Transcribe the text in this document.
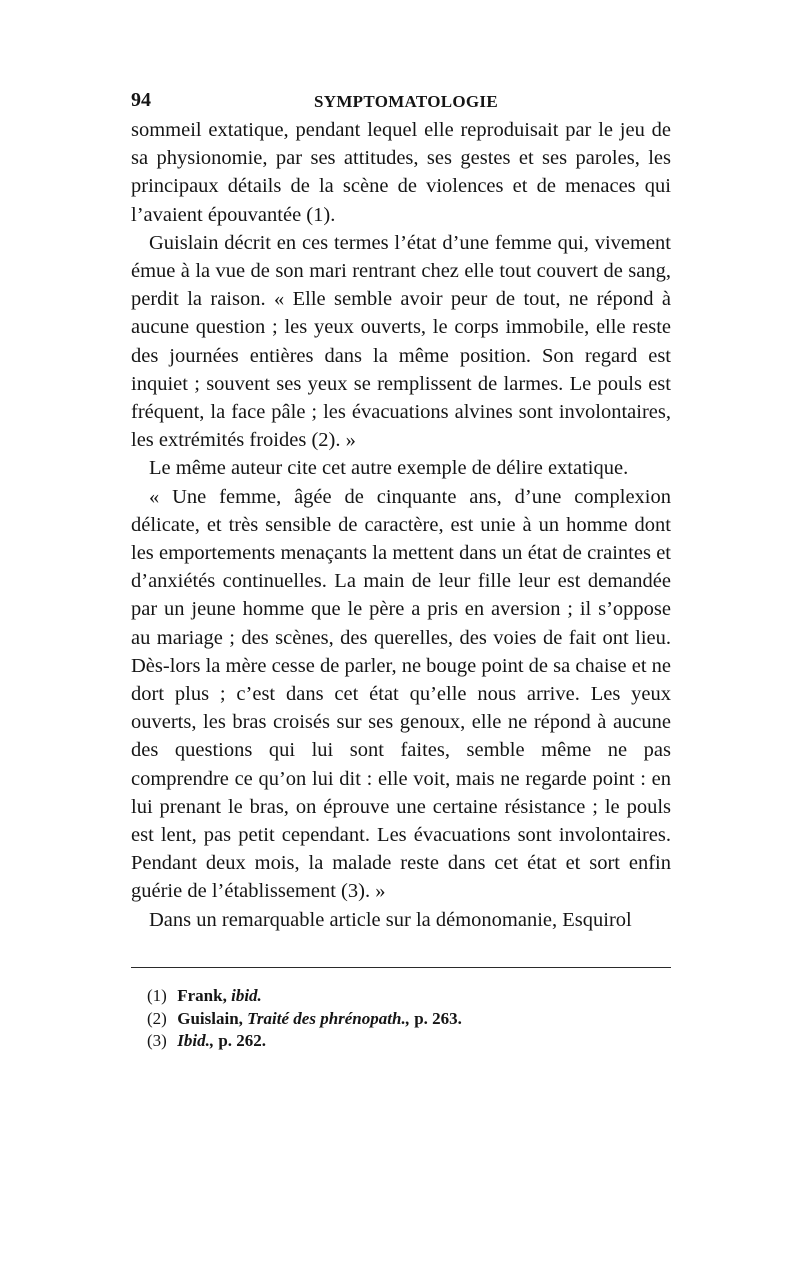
94	SYMPTOMATOLOGIE

sommeil extatique, pendant lequel elle reproduisait par le jeu de sa physionomie, par ses attitudes, ses gestes et ses paroles, les principaux détails de la scène de violences et de menaces qui l’avaient épouvantée (1).

Guislain décrit en ces termes l’état d’une femme qui, vivement émue à la vue de son mari rentrant chez elle tout couvert de sang, perdit la raison. « Elle semble avoir peur de tout, ne répond à aucune question ; les yeux ouverts, le corps immobile, elle reste des journées entières dans la même position. Son regard est inquiet ; souvent ses yeux se remplissent de larmes. Le pouls est fréquent, la face pâle ; les évacuations alvines sont involontaires, les extrémités froides (2). »

Le même auteur cite cet autre exemple de délire extatique.

« Une femme, âgée de cinquante ans, d’une complexion délicate, et très sensible de caractère, est unie à un homme dont les emportements menaçants la mettent dans un état de craintes et d’anxiétés continuelles. La main de leur fille leur est demandée par un jeune homme que le père a pris en aversion ; il s’oppose au mariage ; des scènes, des querelles, des voies de fait ont lieu. Dès-lors la mère cesse de parler, ne bouge point de sa chaise et ne dort plus ; c’est dans cet état qu’elle nous arrive. Les yeux ouverts, les bras croisés sur ses genoux, elle ne répond à aucune des questions qui lui sont faites, semble même ne pas comprendre ce qu’on lui dit : elle voit, mais ne regarde point : en lui prenant le bras, on éprouve une certaine résistance ; le pouls est lent, pas petit cependant. Les évacuations sont involontaires. Pendant deux mois, la malade reste dans cet état et sort enfin guérie de l’établissement (3). »

Dans un remarquable article sur la démonomanie, Esquirol

(1) Frank, ibid.

(2) Guislain, Traité des phrénopath., p. 263.

(3) Ibid., p. 262.
